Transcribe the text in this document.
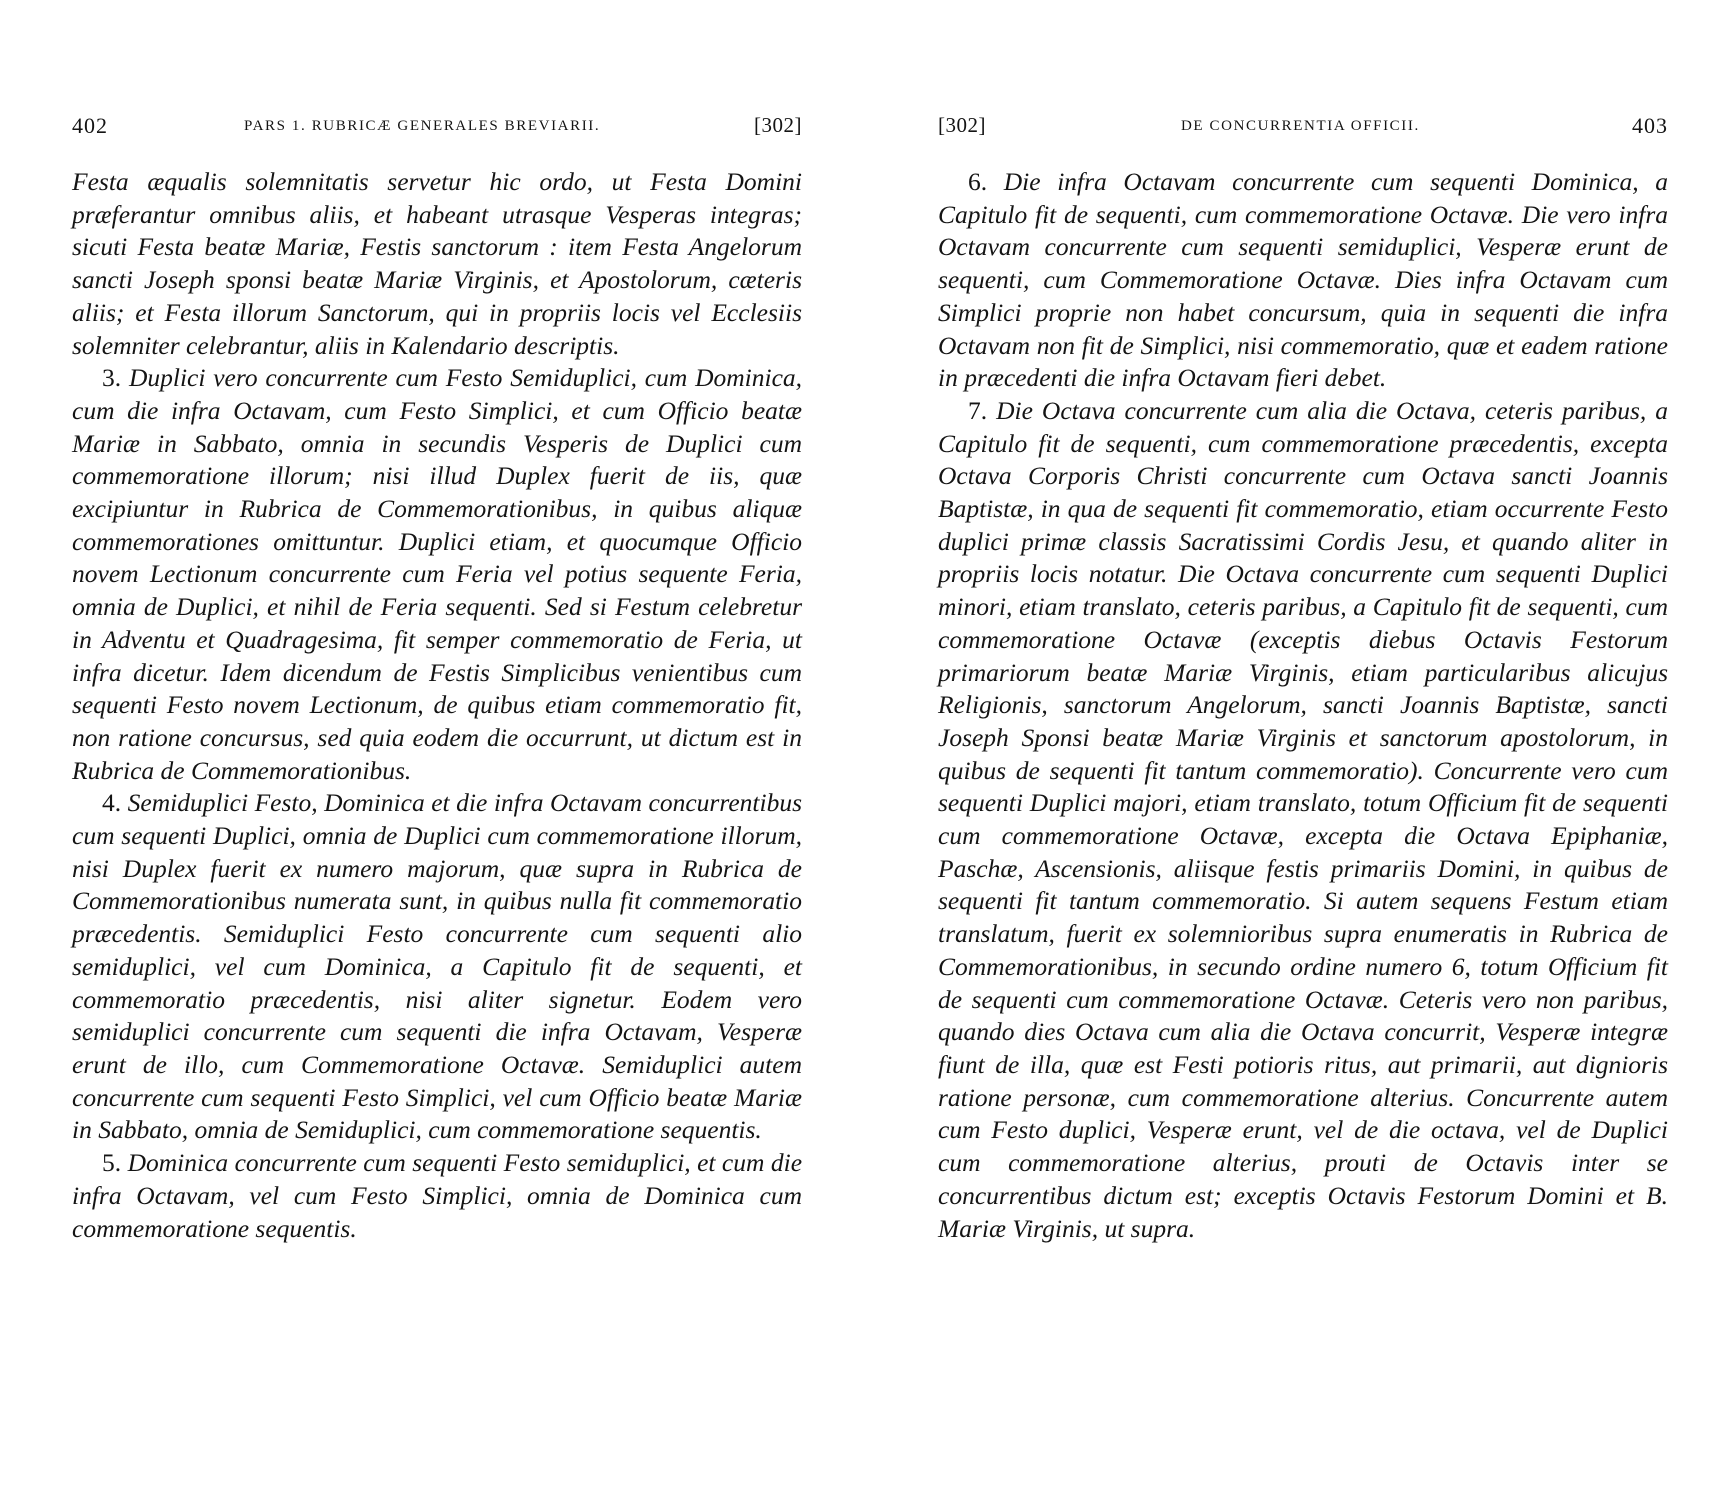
402	PARS 1. RUBRICÆ GENERALES BREVIARII.	[302]

Festa æqualis solemnitatis servetur hic ordo, ut Festa Domini præferantur omnibus aliis, et habeant utrasque Vesperas integras; sicuti Festa beatæ Mariæ, Festis sanctorum : item Festa Angelorum sancti Joseph sponsi beatæ Mariæ Virginis, et Apostolorum, cæteris aliis; et Festa illorum Sanctorum, qui in propriis locis vel Ecclesiis solemniter celebrantur, aliis in Kalendario descriptis.

3. Duplici vero concurrente cum Festo Semiduplici, cum Dominica, cum die infra Octavam, cum Festo Simplici, et cum Officio beatæ Mariæ in Sabbato, omnia in secundis Vesperis de Duplici cum commemoratione illorum; nisi illud Duplex fuerit de iis, quæ excipiuntur in Rubrica de Commemorationibus, in quibus aliquæ commemorationes omittuntur. Duplici etiam, et quocumque Officio novem Lectionum concurrente cum Feria vel potius sequente Feria, omnia de Duplici, et nihil de Feria sequenti. Sed si Festum celebretur in Adventu et Quadragesima, fit semper commemoratio de Feria, ut infra dicetur. Idem dicendum de Festis Simplicibus venientibus cum sequenti Festo novem Lectionum, de quibus etiam commemoratio fit, non ratione concursus, sed quia eodem die occurrunt, ut dictum est in Rubrica de Commemorationibus.

4. Semiduplici Festo, Dominica et die infra Octavam concurrentibus cum sequenti Duplici, omnia de Duplici cum commemoratione illorum, nisi Duplex fuerit ex numero majorum, quæ supra in Rubrica de Commemorationibus numerata sunt, in quibus nulla fit commemoratio præcedentis. Semiduplici Festo concurrente cum sequenti alio semiduplici, vel cum Dominica, a Capitulo fit de sequenti, et commemoratio præcedentis, nisi aliter signetur. Eodem vero semiduplici concurrente cum sequenti die infra Octavam, Vesperæ erunt de illo, cum Commemoratione Octavæ. Semiduplici autem concurrente cum sequenti Festo Simplici, vel cum Officio beatæ Mariæ in Sabbato, omnia de Semiduplici, cum commemoratione sequentis.

5. Dominica concurrente cum sequenti Festo semiduplici, et cum die infra Octavam, vel cum Festo Simplici, omnia de Dominica cum commemoratione sequentis.

[302]	DE CONCURRENTIA OFFICII.	403

6. Die infra Octavam concurrente cum sequenti Dominica, a Capitulo fit de sequenti, cum commemoratione Octavæ. Die vero infra Octavam concurrente cum sequenti semiduplici, Vesperæ erunt de sequenti, cum Commemoratione Octavæ. Dies infra Octavam cum Simplici proprie non habet concursum, quia in sequenti die infra Octavam non fit de Simplici, nisi commemoratio, quæ et eadem ratione in præcedenti die infra Octavam fieri debet.

7. Die Octava concurrente cum alia die Octava, ceteris paribus, a Capitulo fit de sequenti, cum commemoratione præcedentis, excepta Octava Corporis Christi concurrente cum Octava sancti Joannis Baptistæ, in qua de sequenti fit commemoratio, etiam occurrente Festo duplici primæ classis Sacratissimi Cordis Jesu, et quando aliter in propriis locis notatur. Die Octava concurrente cum sequenti Duplici minori, etiam translato, ceteris paribus, a Capitulo fit de sequenti, cum commemoratione Octavæ (exceptis diebus Octavis Festorum primariorum beatæ Mariæ Virginis, etiam particularibus alicujus Religionis, sanctorum Angelorum, sancti Joannis Baptistæ, sancti Joseph Sponsi beatæ Mariæ Virginis et sanctorum apostolorum, in quibus de sequenti fit tantum commemoratio). Concurrente vero cum sequenti Duplici majori, etiam translato, totum Officium fit de sequenti cum commemoratione Octavæ, excepta die Octava Epiphaniæ, Paschæ, Ascensionis, aliisque festis primariis Domini, in quibus de sequenti fit tantum commemoratio. Si autem sequens Festum etiam translatum, fuerit ex solemnioribus supra enumeratis in Rubrica de Commemorationibus, in secundo ordine numero 6, totum Officium fit de sequenti cum commemoratione Octavæ. Ceteris vero non paribus, quando dies Octava cum alia die Octava concurrit, Vesperæ integræ fiunt de illa, quæ est Festi potioris ritus, aut primarii, aut dignioris ratione personæ, cum commemoratione alterius. Concurrente autem cum Festo duplici, Vesperæ erunt, vel de die octava, vel de Duplici cum commemoratione alterius, prouti de Octavis inter se concurrentibus dictum est; exceptis Octavis Festorum Domini et B. Mariæ Virginis, ut supra.
